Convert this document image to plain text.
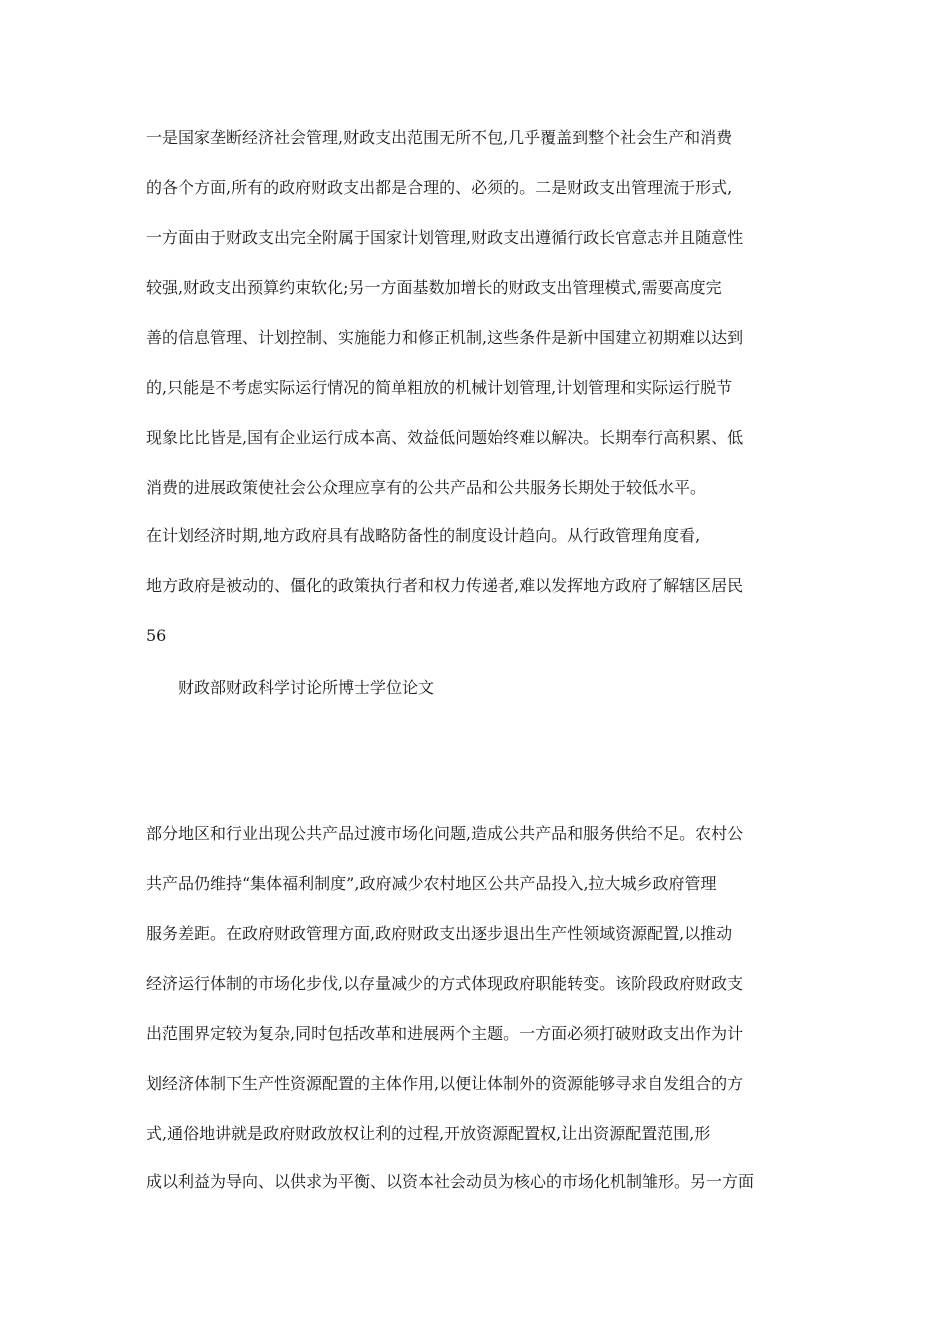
一是国家垄断经济社会管理,财政支出范围无所不包,几乎覆盖到整个社会生产和消费
的各个方面,所有的政府财政支出都是合理的、必须的。二是财政支出管理流于形式,
一方面由于财政支出完全附属于国家计划管理,财政支出遵循行政长官意志并且随意性
较强,财政支出预算约束软化;另一方面基数加增长的财政支出管理模式,需要高度完
善的信息管理、计划控制、实施能力和修正机制,这些条件是新中国建立初期难以达到
的,只能是不考虑实际运行情况的简单粗放的机械计划管理,计划管理和实际运行脱节
现象比比皆是,国有企业运行成本高、效益低问题始终难以解决。长期奉行高积累、低
消费的进展政策使社会公众理应享有的公共产品和公共服务长期处于较低水平。
在计划经济时期,地方政府具有战略防备性的制度设计趋向。从行政管理角度看,
地方政府是被动的、僵化的政策执行者和权力传递者,难以发挥地方政府了解辖区居民
56
财政部财政科学讨论所博士学位论文
部分地区和行业出现公共产品过渡市场化问题,造成公共产品和服务供给不足。农村公
共产品仍维持“集体福利制度”,政府减少农村地区公共产品投入,拉大城乡政府管理
服务差距。在政府财政管理方面,政府财政支出逐步退出生产性领域资源配置,以推动
经济运行体制的市场化步伐,以存量减少的方式体现政府职能转变。该阶段政府财政支
出范围界定较为复杂,同时包括改革和进展两个主题。一方面必须打破财政支出作为计
划经济体制下生产性资源配置的主体作用,以便让体制外的资源能够寻求自发组合的方
式,通俗地讲就是政府财政放权让利的过程,开放资源配置权,让出资源配置范围,形
成以利益为导向、以供求为平衡、以资本社会动员为核心的市场化机制雏形。另一方面
